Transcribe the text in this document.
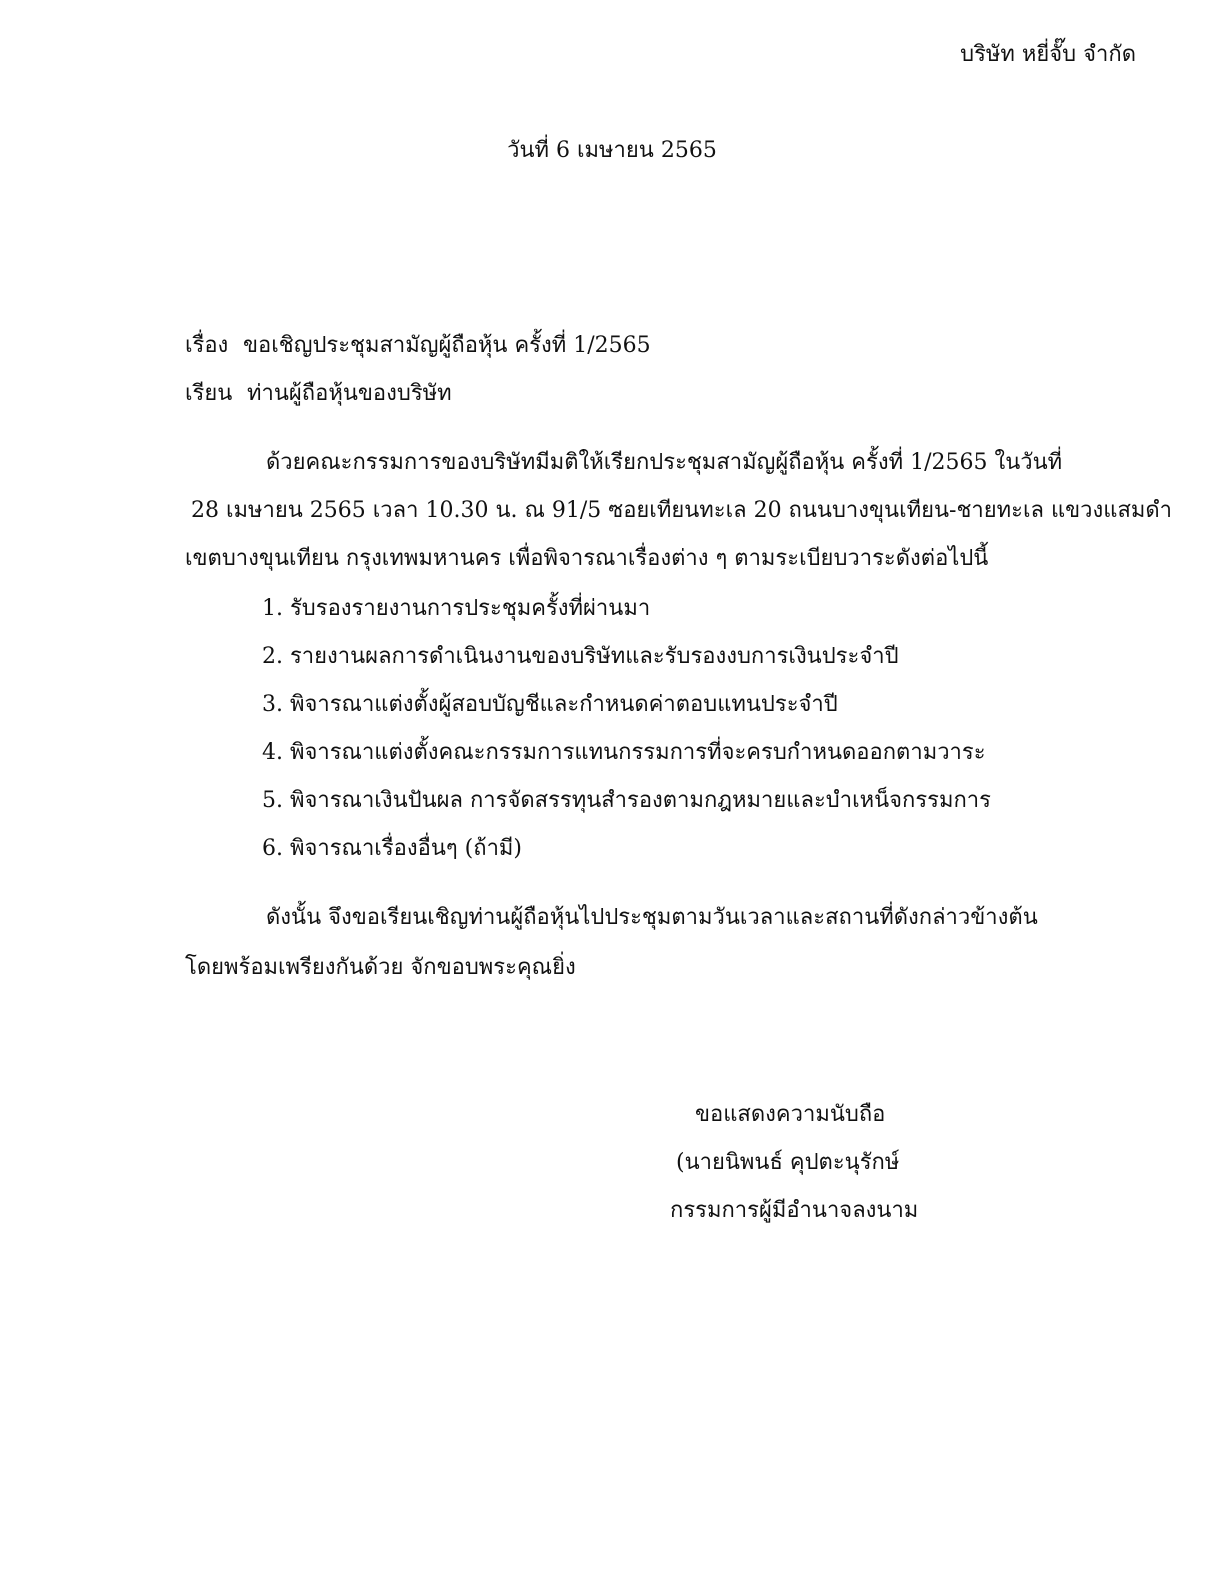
บริษัท หยี่จั๊บ จำกัด
วันที่ 6 เมษายน 2565
เรื่อง ขอเชิญประชุมสามัญผู้ถือหุ้น ครั้งที่ 1/2565
เรียน ท่านผู้ถือหุ้นของบริษัท
ด้วยคณะกรรมการของบริษัทมีมติให้เรียกประชุมสามัญผู้ถือหุ้น ครั้งที่ 1/2565 ในวันที่
28 เมษายน 2565 เวลา 10.30 น. ณ 91/5 ซอยเทียนทะเล 20 ถนนบางขุนเทียน-ชายทะเล แขวงแสมดำ
เขตบางขุนเทียน กรุงเทพมหานคร เพื่อพิจารณาเรื่องต่าง ๆ ตามระเบียบวาระดังต่อไปนี้
1. รับรองรายงานการประชุมครั้งที่ผ่านมา
2. รายงานผลการดำเนินงานของบริษัทและรับรองงบการเงินประจำปี
3. พิจารณาแต่งตั้งผู้สอบบัญชีและกำหนดค่าตอบแทนประจำปี
4. พิจารณาแต่งตั้งคณะกรรมการแทนกรรมการที่จะครบกำหนดออกตามวาระ
5. พิจารณาเงินปันผล การจัดสรรทุนสำรองตามกฎหมายและบำเหน็จกรรมการ
6. พิจารณาเรื่องอื่นๆ (ถ้ามี)
ดังนั้น จึงขอเรียนเชิญท่านผู้ถือหุ้นไปประชุมตามวันเวลาและสถานที่ดังกล่าวข้างต้น
โดยพร้อมเพรียงกันด้วย จักขอบพระคุณยิ่ง
ขอแสดงความนับถือ
(นายนิพนธ์ คุปตะนุรักษ์
กรรมการผู้มีอำนาจลงนาม
